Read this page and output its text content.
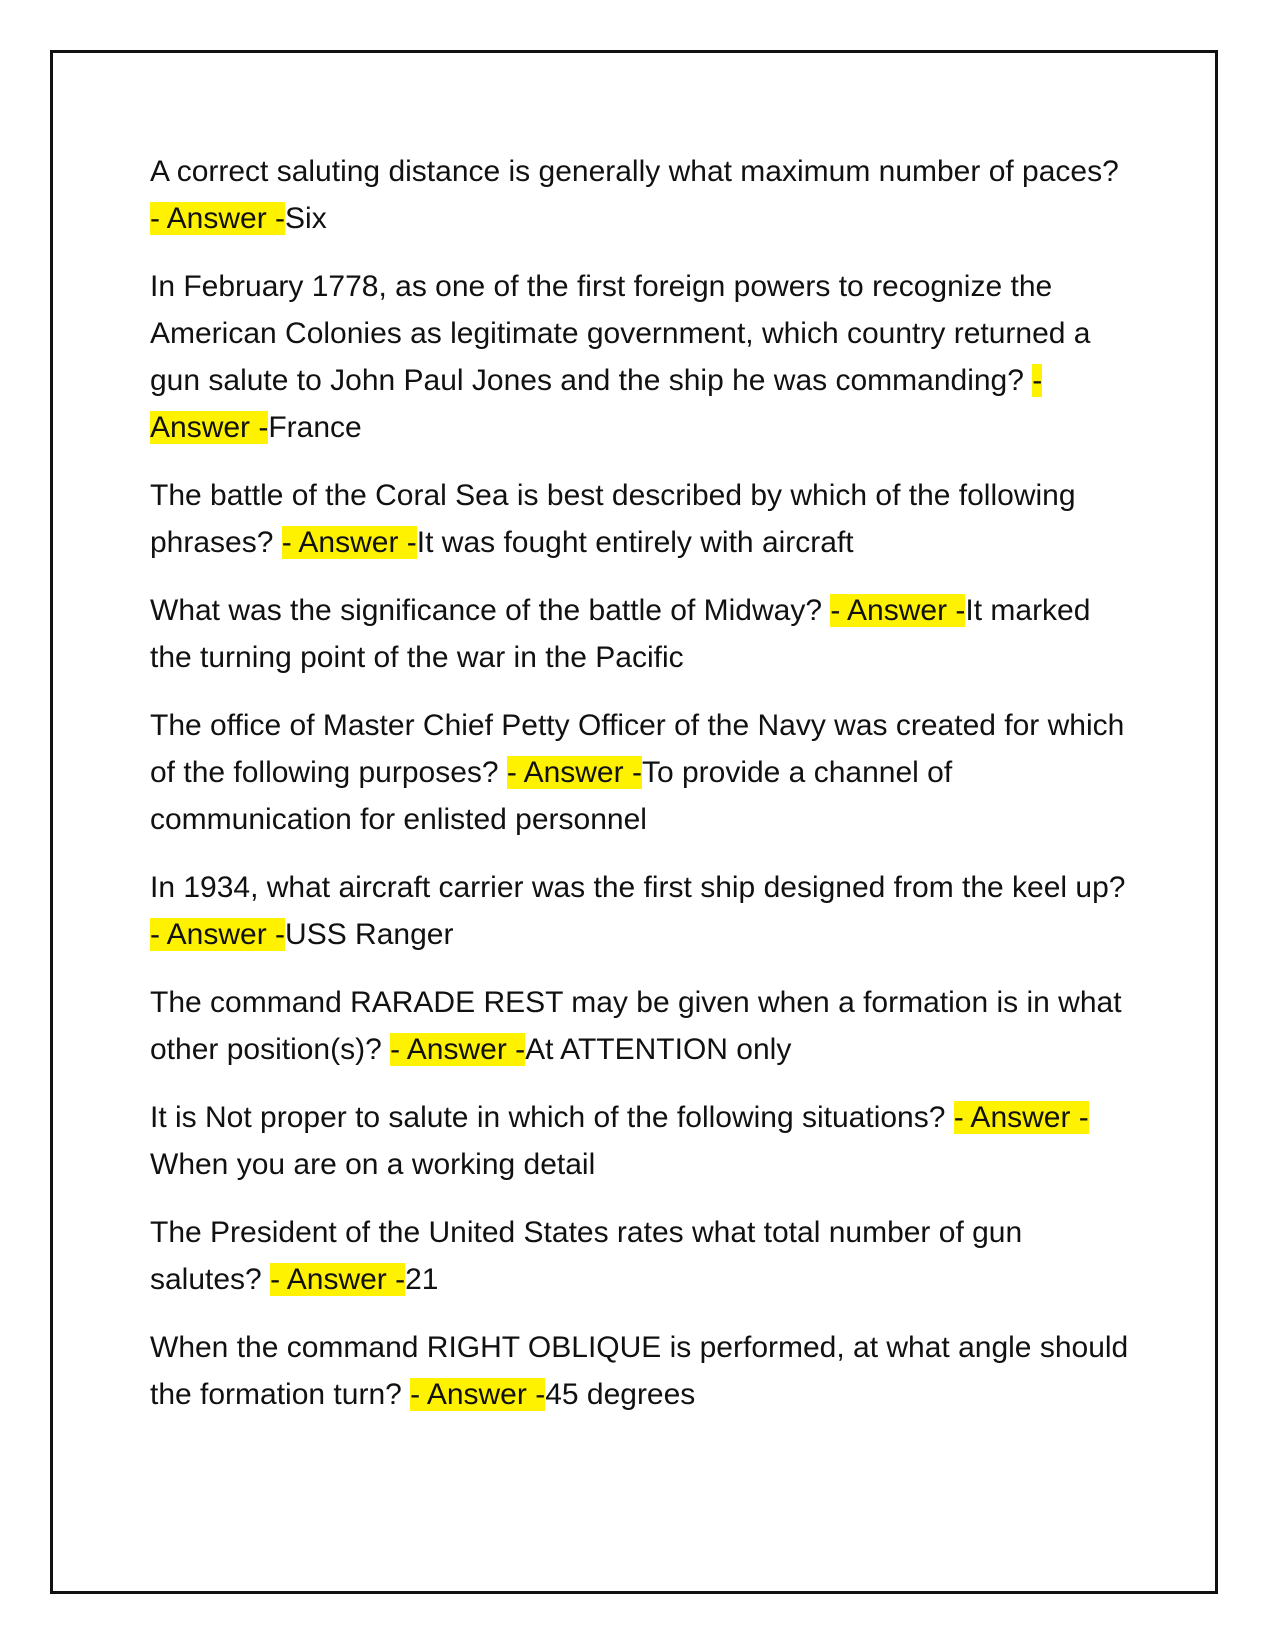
A correct saluting distance is generally what maximum number of paces? - Answer -Six

In February 1778, as one of the first foreign powers to recognize the American Colonies as legitimate government, which country returned a gun salute to John Paul Jones and the ship he was commanding? - Answer -France

The battle of the Coral Sea is best described by which of the following phrases? - Answer -It was fought entirely with aircraft

What was the significance of the battle of Midway? - Answer -It marked the turning point of the war in the Pacific

The office of Master Chief Petty Officer of the Navy was created for which of the following purposes? - Answer -To provide a channel of communication for enlisted personnel

In 1934, what aircraft carrier was the first ship designed from the keel up? - Answer -USS Ranger

The command RARADE REST may be given when a formation is in what other position(s)? - Answer -At ATTENTION only

It is Not proper to salute in which of the following situations? - Answer -When you are on a working detail

The President of the United States rates what total number of gun salutes? - Answer -21

When the command RIGHT OBLIQUE is performed, at what angle should the formation turn? - Answer -45 degrees
